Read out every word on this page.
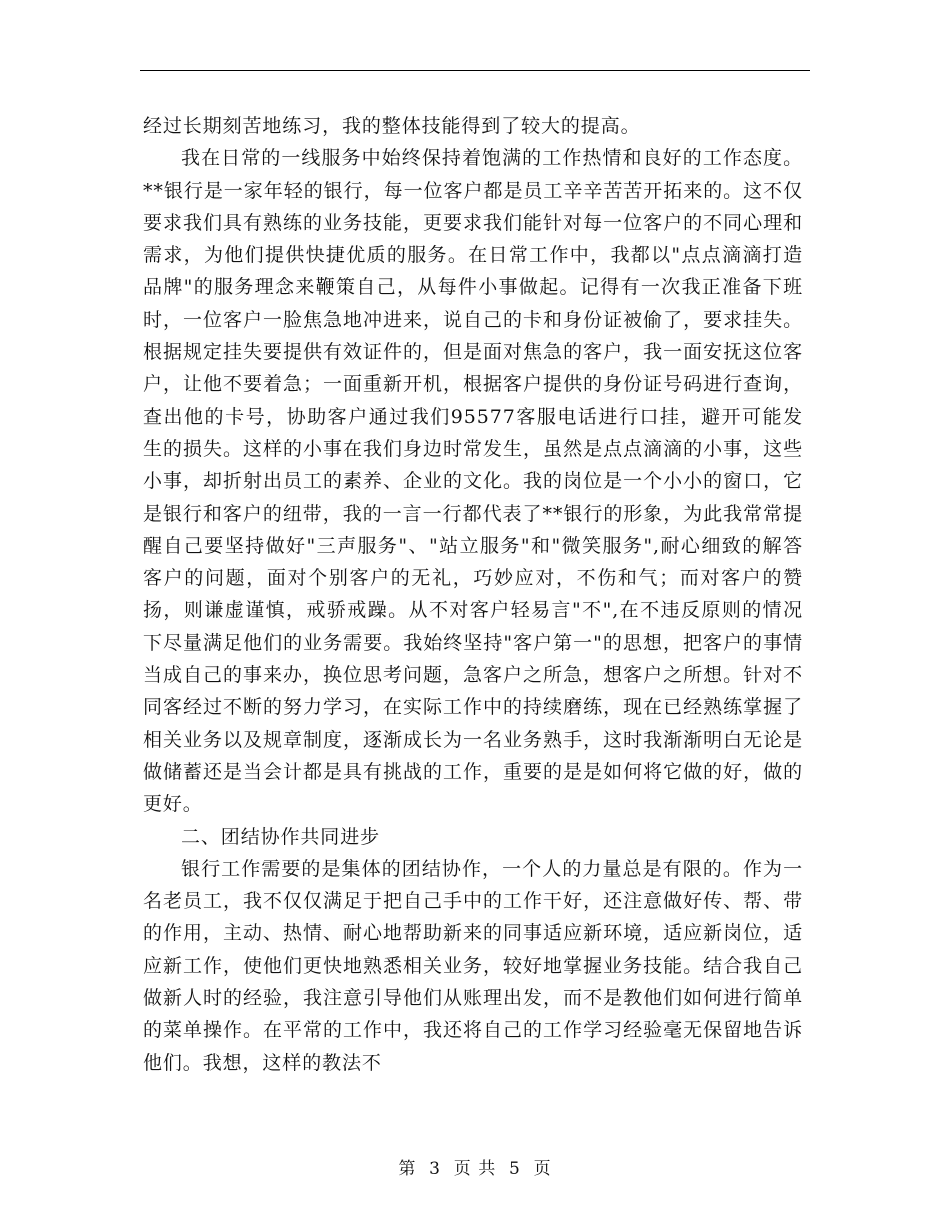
经过长期刻苦地练习，我的整体技能得到了较大的提高。

我在日常的一线服务中始终保持着饱满的工作热情和良好的工作态度。**银行是一家年轻的银行，每一位客户都是员工辛辛苦苦开拓来的。这不仅要求我们具有熟练的业务技能，更要求我们能针对每一位客户的不同心理和需求，为他们提供快捷优质的服务。在日常工作中，我都以"点点滴滴打造品牌"的服务理念来鞭策自己，从每件小事做起。记得有一次我正准备下班时，一位客户一脸焦急地冲进来，说自己的卡和身份证被偷了，要求挂失。根据规定挂失要提供有效证件的，但是面对焦急的客户，我一面安抚这位客户，让他不要着急；一面重新开机，根据客户提供的身份证号码进行查询，查出他的卡号，协助客户通过我们95577客服电话进行口挂，避开可能发生的损失。这样的小事在我们身边时常发生，虽然是点点滴滴的小事，这些小事，却折射出员工的素养、企业的文化。我的岗位是一个小小的窗口，它是银行和客户的纽带，我的一言一行都代表了**银行的形象，为此我常常提醒自己要坚持做好"三声服务"、"站立服务"和"微笑服务",耐心细致的解答客户的问题，面对个别客户的无礼，巧妙应对，不伤和气；而对客户的赞扬，则谦虚谨慎，戒骄戒躁。从不对客户轻易言"不",在不违反原则的情况下尽量满足他们的业务需要。我始终坚持"客户第一"的思想，把客户的事情当成自己的事来办，换位思考问题，急客户之所急，想客户之所想。针对不同客经过不断的努力学习，在实际工作中的持续磨练，现在已经熟练掌握了相关业务以及规章制度，逐渐成长为一名业务熟手，这时我渐渐明白无论是做储蓄还是当会计都是具有挑战的工作，重要的是是如何将它做的好，做的更好。

二、团结协作共同进步

银行工作需要的是集体的团结协作，一个人的力量总是有限的。作为一名老员工，我不仅仅满足于把自己手中的工作干好，还注意做好传、帮、带的作用，主动、热情、耐心地帮助新来的同事适应新环境，适应新岗位，适应新工作，使他们更快地熟悉相关业务，较好地掌握业务技能。结合我自己做新人时的经验，我注意引导他们从账理出发，而不是教他们如何进行简单的菜单操作。在平常的工作中，我还将自己的工作学习经验毫无保留地告诉他们。我想，这样的教法不

第  3  页 共  5  页
